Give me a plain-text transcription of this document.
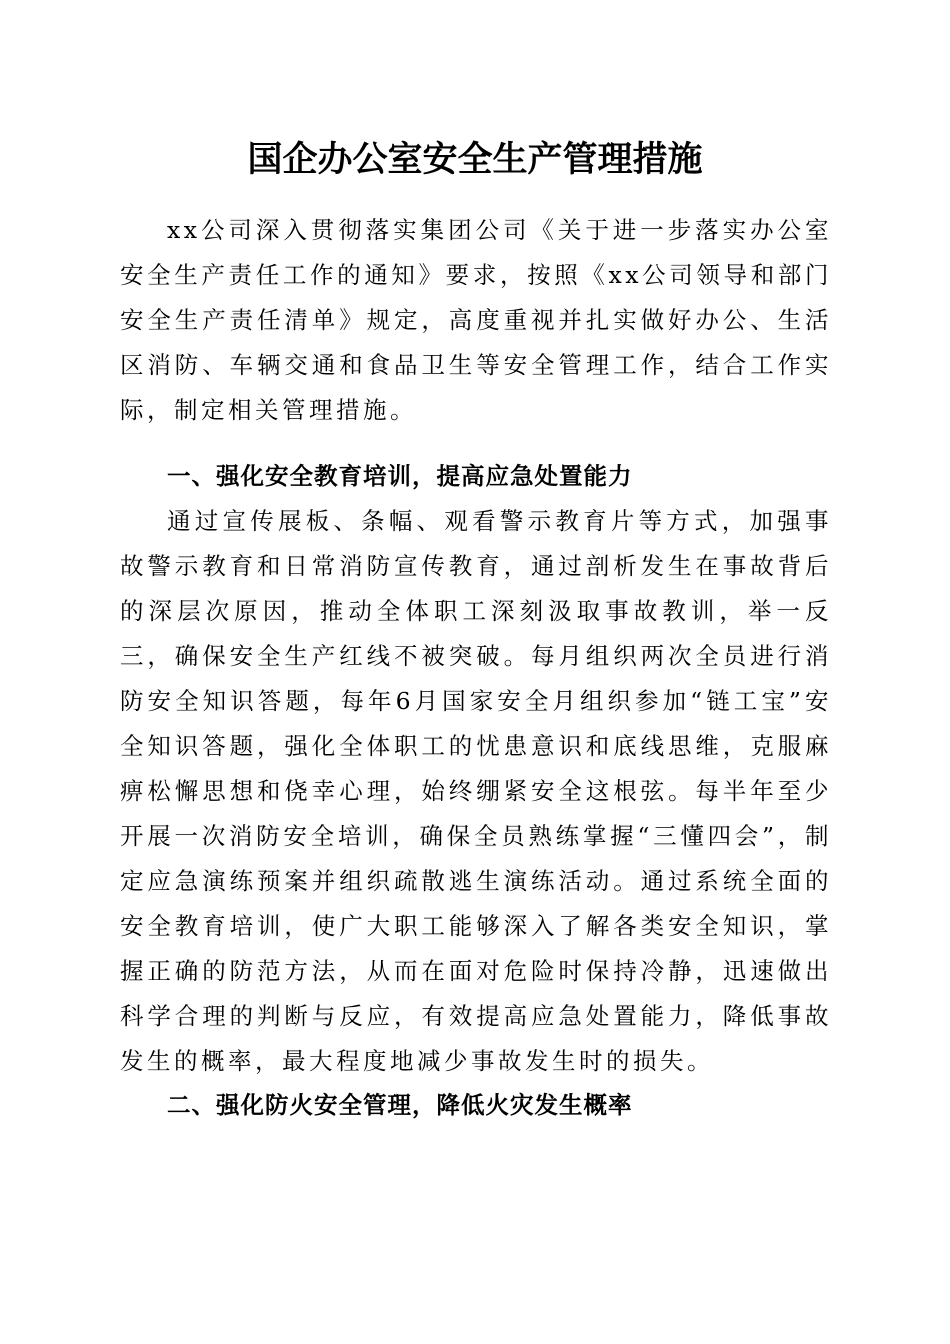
国企办公室安全生产管理措施

xx公司深入贯彻落实集团公司《关于进一步落实办公室安全生产责任工作的通知》要求，按照《xx公司领导和部门安全生产责任清单》规定，高度重视并扎实做好办公、生活区消防、车辆交通和食品卫生等安全管理工作，结合工作实际，制定相关管理措施。

一、强化安全教育培训，提高应急处置能力

通过宣传展板、条幅、观看警示教育片等方式，加强事故警示教育和日常消防宣传教育，通过剖析发生在事故背后的深层次原因，推动全体职工深刻汲取事故教训，举一反三，确保安全生产红线不被突破。每月组织两次全员进行消防安全知识答题，每年6月国家安全月组织参加“链工宝”安全知识答题，强化全体职工的忧患意识和底线思维，克服麻痹松懈思想和侥幸心理，始终绷紧安全这根弦。每半年至少开展一次消防安全培训，确保全员熟练掌握“三懂四会”，制定应急演练预案并组织疏散逃生演练活动。通过系统全面的安全教育培训，使广大职工能够深入了解各类安全知识，掌握正确的防范方法，从而在面对危险时保持冷静，迅速做出科学合理的判断与反应，有效提高应急处置能力，降低事故发生的概率，最大程度地减少事故发生时的损失。

二、强化防火安全管理，降低火灾发生概率
